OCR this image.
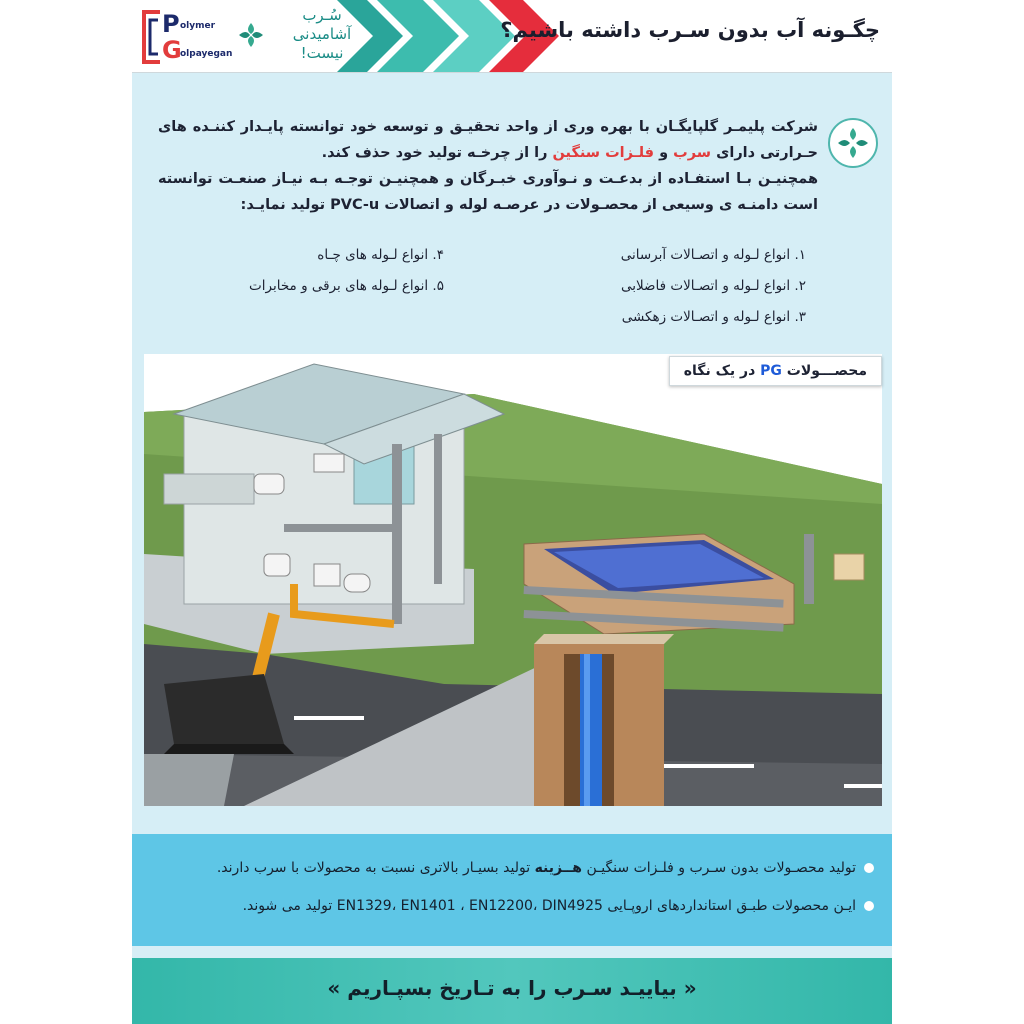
P olymer
G
olpayegan
سُـرب
آشامیدنی
نیست!
چگـونه آب بدون سـرب داشته باشیم؟
شرکت پلیمـر گلپایگـان با بهره وری از واحد تحقیـق و توسعه خود توانسته پایـدار کننـده های حـرارتی دارای سرب و فلـزات سنگین را از چرخـه تولید خود حذف کند.
همچنیـن بـا استفـاده از بدعـت و نـوآوری خبـرگان و همچنیـن توجـه بـه نیـاز صنعـت توانسته است دامنـه ی وسیعی از محصـولات در عرصـه لوله و اتصالات PVC-u تولید نمایـد:
۱. انواع لـوله و اتصـالات آبرسانی
۲. انواع لـوله و اتصـالات فاضلابی
۳. انواع لـوله و اتصـالات زهکشی
۴. انواع لـوله های چـاه
۵. انواع لـوله های برقی و مخابرات
محصـــولات PG در یک نگاه
تولید محصـولات بدون سـرب و فلـزات سنگیـن هــزینه تولید بسیـار بالاتری نسبت به محصولات با سرب دارند.
ایـن محصولات طبـق استانداردهای اروپـایی EN1329، EN1401 ، EN12200، DIN4925 تولید می شوند.
« بیاییـد سـرب را به تـاریخ بسپـاریم »
